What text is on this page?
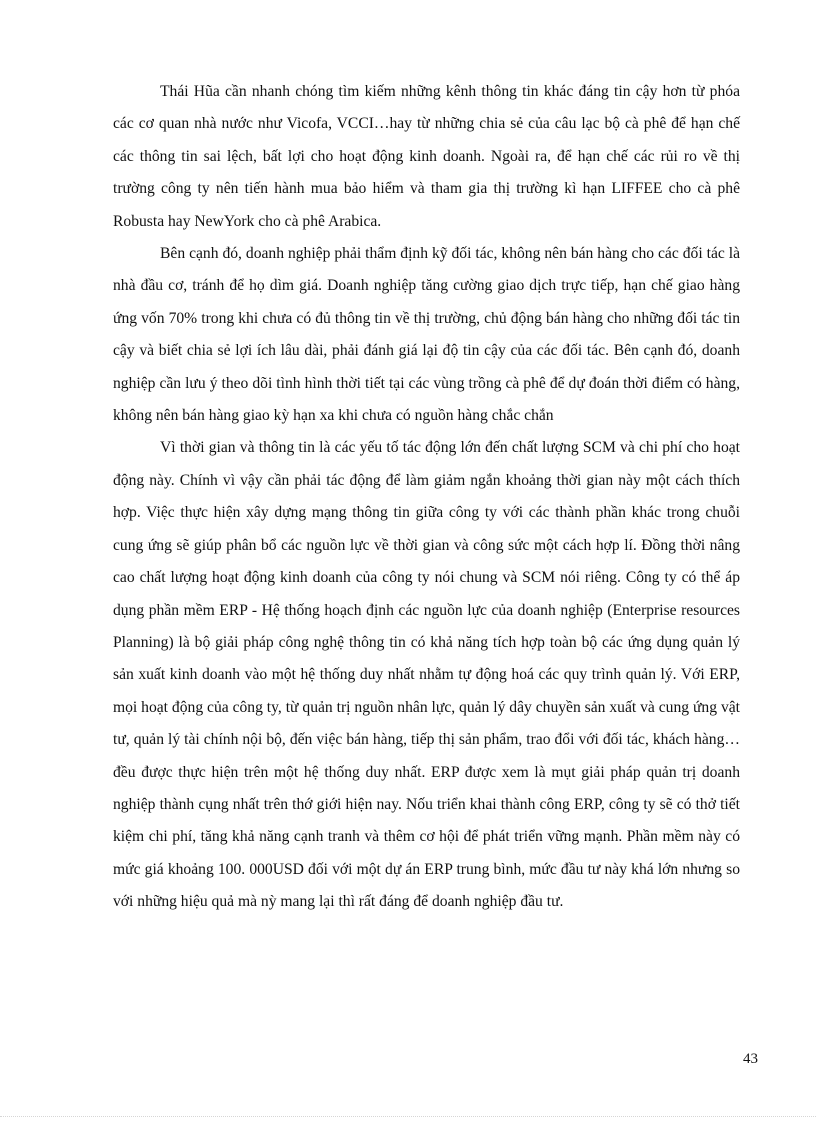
Thái Hũa cần nhanh chóng tìm kiếm những kênh thông tin khác đáng tin cậy hơn từ phóa các cơ quan nhà nước như Vicofa, VCCI…hay từ những chia sẻ của câu lạc bộ cà phê để hạn chế các thông tin sai lệch, bất lợi cho hoạt động kinh doanh. Ngoài ra, để hạn chế các rủi ro về thị trường công ty nên tiến hành mua bảo hiểm và tham gia thị trường kì hạn LIFFEE cho cà phê Robusta hay NewYork cho cà phê Arabica.

Bên cạnh đó, doanh nghiệp phải thẩm định kỹ đối tác, không nên bán hàng cho các đối tác là nhà đầu cơ, tránh để họ dìm giá. Doanh nghiệp tăng cường giao dịch trực tiếp, hạn chế giao hàng ứng vốn 70% trong khi chưa có đủ thông tin về thị trường, chủ động bán hàng cho những đối tác tin cậy và biết chia sẻ lợi ích lâu dài, phải đánh giá lại độ tin cậy của các đối tác. Bên cạnh đó, doanh nghiệp cần lưu ý theo dõi tình hình thời tiết tại các vùng trồng cà phê để dự đoán thời điểm có hàng, không nên bán hàng giao kỳ hạn xa khi chưa có nguồn hàng chắc chắn

Vì thời gian và thông tin là các yếu tố tác động lớn đến chất lượng SCM và chi phí cho hoạt động này. Chính vì vậy cần phải tác động để làm giảm ngắn khoảng thời gian này một cách thích hợp. Việc thực hiện xây dựng mạng thông tin giữa công ty với các thành phần khác trong chuỗi cung ứng sẽ giúp phân bổ các nguồn lực về thời gian và công sức một cách hợp lí. Đồng thời nâng cao chất lượng hoạt động kinh doanh của công ty nói chung và SCM nói riêng. Công ty có thể áp dụng phần mềm ERP - Hệ thống hoạch định các nguồn lực của doanh nghiệp (Enterprise resources Planning) là bộ giải pháp công nghệ thông tin có khả năng tích hợp toàn bộ các ứng dụng quản lý sản xuất kinh doanh vào một hệ thống duy nhất nhằm tự động hoá các quy trình quản lý. Với ERP, mọi hoạt động của công ty, từ quản trị nguồn nhân lực, quản lý dây chuyền sản xuất và cung ứng vật tư, quản lý tài chính nội bộ, đến việc bán hàng, tiếp thị sản phẩm, trao đổi với đối tác, khách hàng… đều được thực hiện trên một hệ thống duy nhất. ERP được xem là mụt giải pháp quản trị doanh nghiệp thành cụng nhất trên thớ giới hiện nay. Nốu triển khai thành công ERP, công ty sẽ có thở tiết kiệm chi phí, tăng khả năng cạnh tranh và thêm cơ hội để phát triển vững mạnh. Phần mềm này có mức giá khoảng 100. 000USD đối với một dự án ERP trung bình, mức đầu tư này khá lớn nhưng so với những hiệu quả mà nỳ mang lại thì rất đáng để doanh nghiệp đầu tư.

43
